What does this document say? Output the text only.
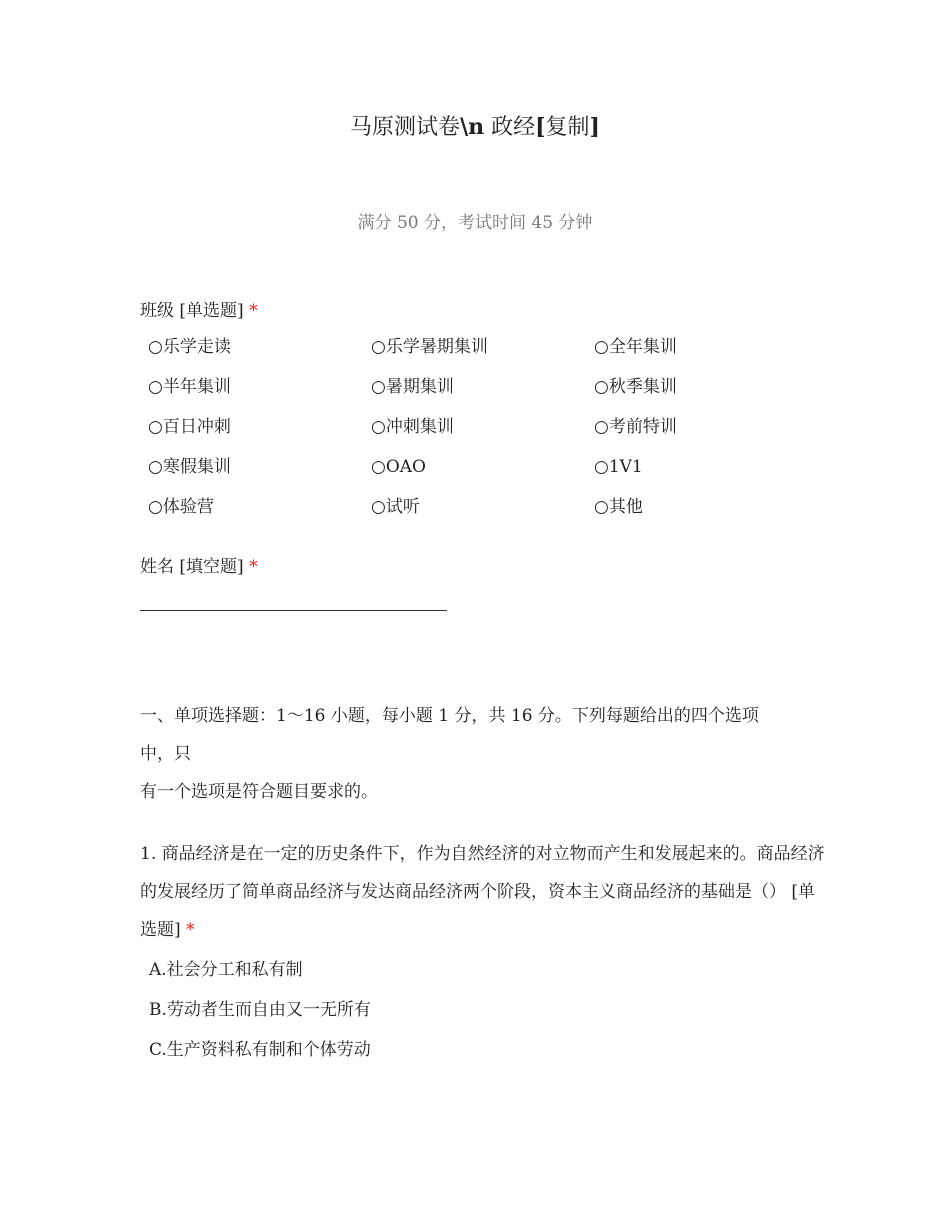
马原测试卷\n 政经[复制]
满分 50 分，考试时间 45 分钟
班级 [单选题] *
○乐学走读	○乐学暑期集训	○全年集训
○半年集训	○暑期集训	○秋季集训
○百日冲刺	○冲刺集训	○考前特训
○寒假集训	○OAO	○1V1
○体验营	○试听	○其他
姓名 [填空题] *
一、单项选择题：1～16 小题，每小题 1 分，共 16 分。下列每题给出的四个选项
中，只
有一个选项是符合题目要求的。
1. 商品经济是在一定的历史条件下，作为自然经济的对立物而产生和发展起来的。商品经济的发展经历了简单商品经济与发达商品经济两个阶段，资本主义商品经济的基础是（） [单选题] *
A.社会分工和私有制
B.劳动者生而自由又一无所有
C.生产资料私有制和个体劳动
